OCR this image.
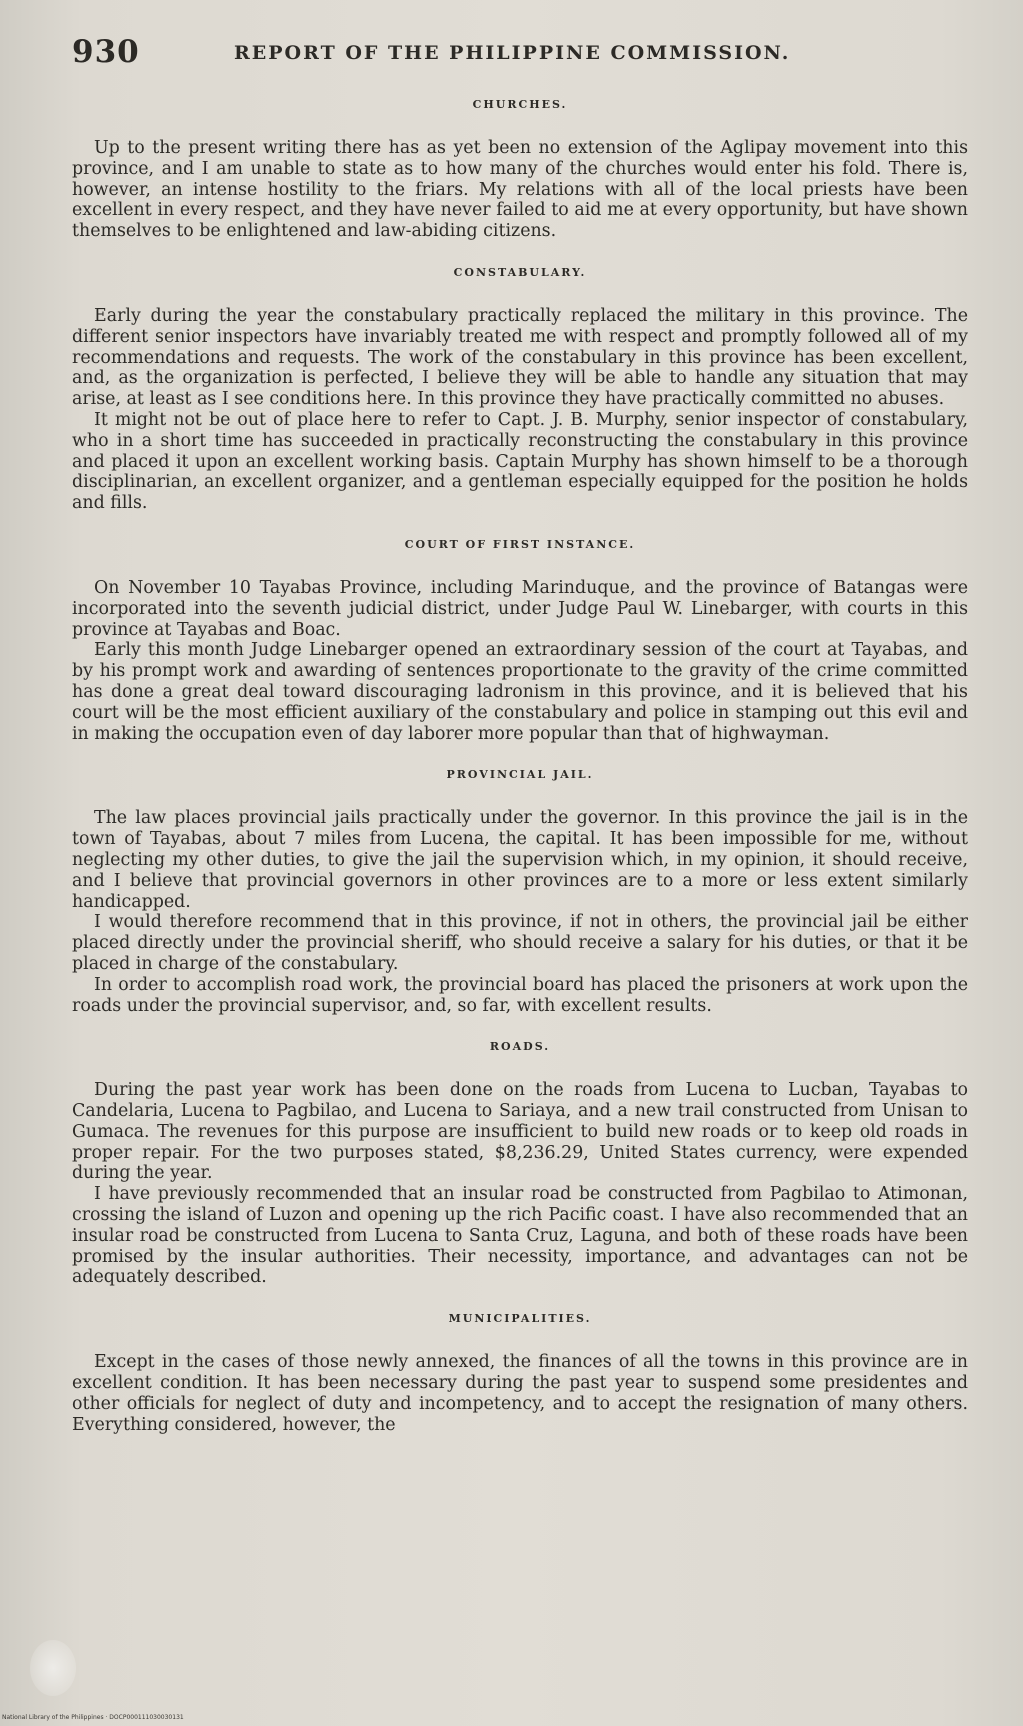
930	REPORT OF THE PHILIPPINE COMMISSION.
CHURCHES.

Up to the present writing there has as yet been no extension of the Aglipay movement into this province, and I am unable to state as to how many of the churches would enter his fold. There is, however, an intense hostility to the friars. My relations with all of the local priests have been excellent in every respect, and they have never failed to aid me at every opportunity, but have shown themselves to be enlightened and law-abiding citizens.

CONSTABULARY.

Early during the year the constabulary practically replaced the military in this province. The different senior inspectors have invariably treated me with respect and promptly followed all of my recommendations and requests. The work of the constabulary in this province has been excellent, and, as the organization is perfected, I believe they will be able to handle any situation that may arise, at least as I see conditions here. In this province they have practically committed no abuses.

It might not be out of place here to refer to Capt. J. B. Murphy, senior inspector of constabulary, who in a short time has succeeded in practically reconstructing the constabulary in this province and placed it upon an excellent working basis. Captain Murphy has shown himself to be a thorough disciplinarian, an excellent organizer, and a gentleman especially equipped for the position he holds and fills.

COURT OF FIRST INSTANCE.

On November 10 Tayabas Province, including Marinduque, and the province of Batangas were incorporated into the seventh judicial district, under Judge Paul W. Linebarger, with courts in this province at Tayabas and Boac.

Early this month Judge Linebarger opened an extraordinary session of the court at Tayabas, and by his prompt work and awarding of sentences proportionate to the gravity of the crime committed has done a great deal toward discouraging ladronism in this province, and it is believed that his court will be the most efficient auxiliary of the constabulary and police in stamping out this evil and in making the occupation even of day laborer more popular than that of highwayman.

PROVINCIAL JAIL.

The law places provincial jails practically under the governor. In this province the jail is in the town of Tayabas, about 7 miles from Lucena, the capital. It has been impossible for me, without neglecting my other duties, to give the jail the supervision which, in my opinion, it should receive, and I believe that provincial governors in other provinces are to a more or less extent similarly handicapped.

I would therefore recommend that in this province, if not in others, the provincial jail be either placed directly under the provincial sheriff, who should receive a salary for his duties, or that it be placed in charge of the constabulary.

In order to accomplish road work, the provincial board has placed the prisoners at work upon the roads under the provincial supervisor, and, so far, with excellent results.

ROADS.

During the past year work has been done on the roads from Lucena to Lucban, Tayabas to Candelaria, Lucena to Pagbilao, and Lucena to Sariaya, and a new trail constructed from Unisan to Gumaca. The revenues for this purpose are insufficient to build new roads or to keep old roads in proper repair. For the two purposes stated, $8,236.29, United States currency, were expended during the year.

I have previously recommended that an insular road be constructed from Pagbilao to Atimonan, crossing the island of Luzon and opening up the rich Pacific coast. I have also recommended that an insular road be constructed from Lucena to Santa Cruz, Laguna, and both of these roads have been promised by the insular authorities. Their necessity, importance, and advantages can not be adequately described.

MUNICIPALITIES.

Except in the cases of those newly annexed, the finances of all the towns in this province are in excellent condition. It has been necessary during the past year to suspend some presidentes and other officials for neglect of duty and incompetency, and to accept the resignation of many others. Everything considered, however, the

National Library of the Philippines · DOCP000111030030131
